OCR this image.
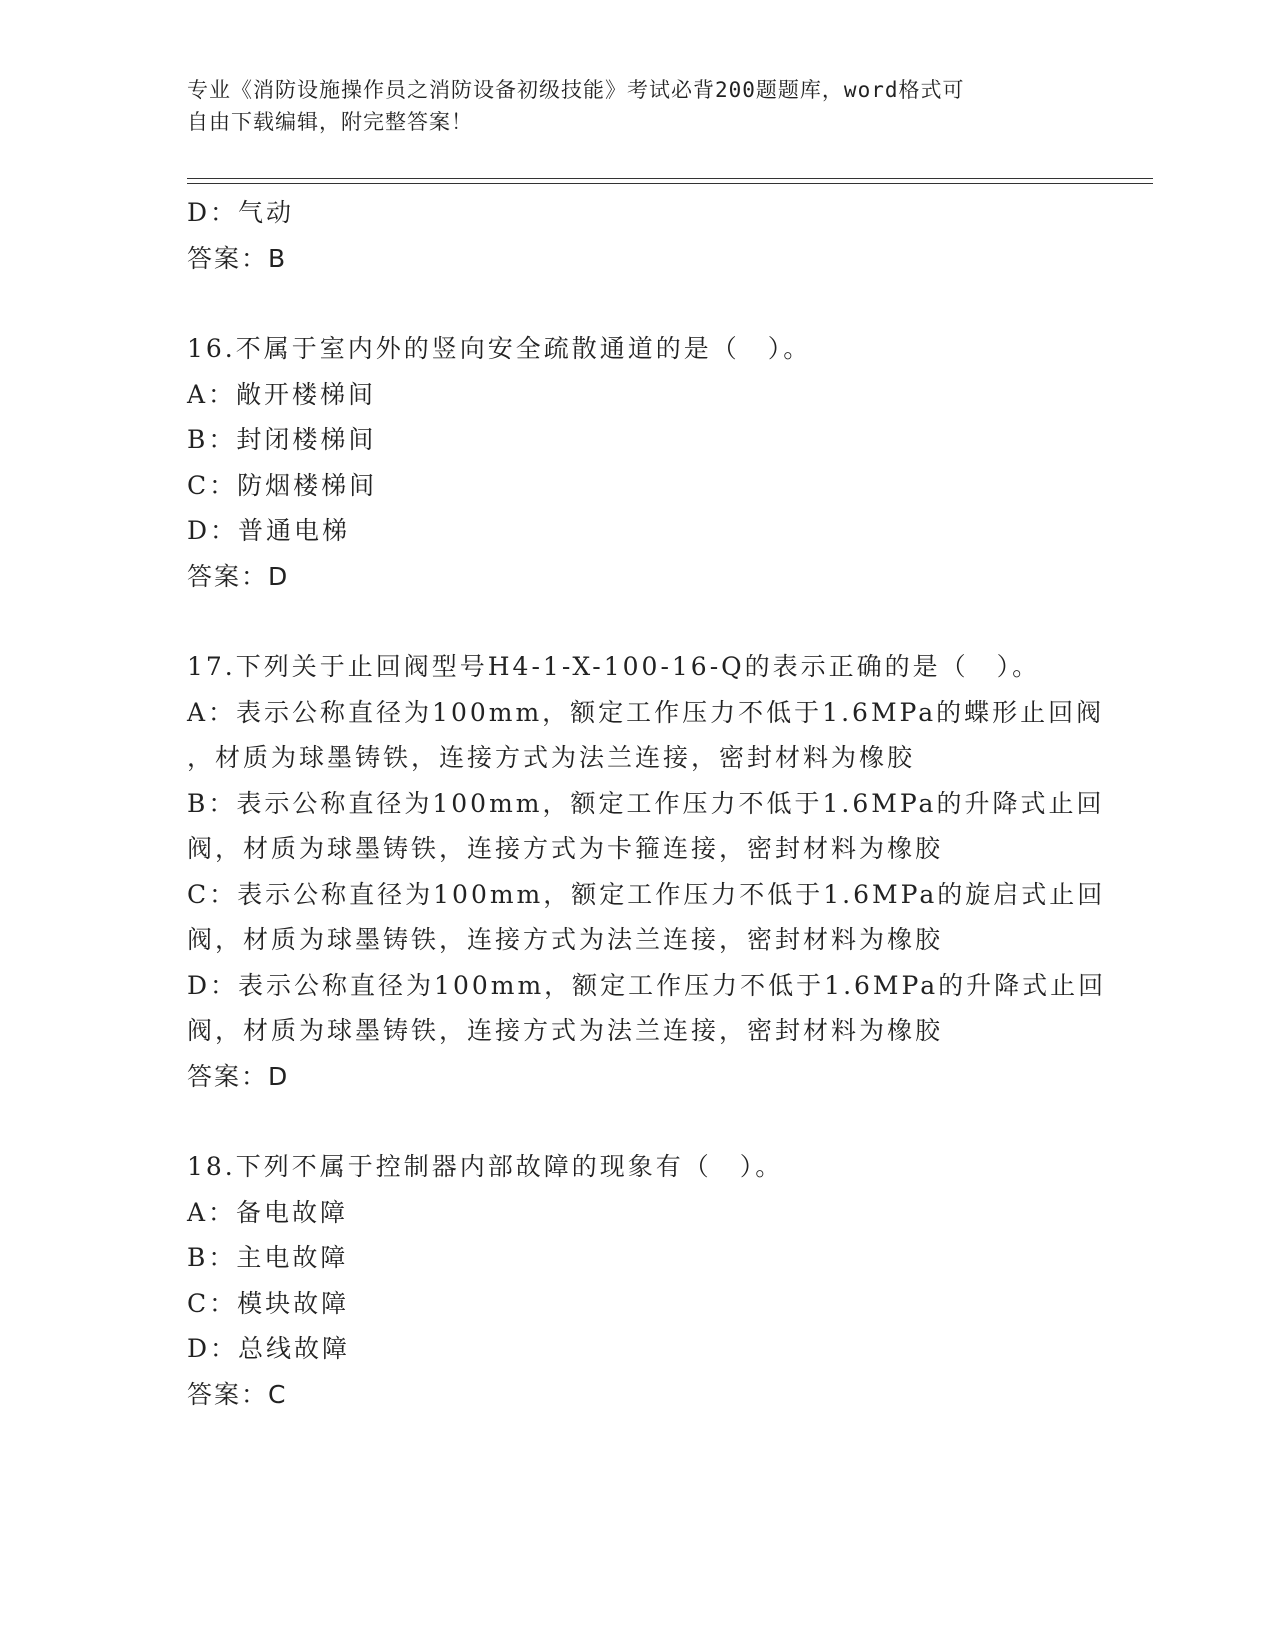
专业《消防设施操作员之消防设备初级技能》考试必背200题题库，word格式可
自由下载编辑，附完整答案！
D：气动
答案：B
16.不属于室内外的竖向安全疏散通道的是（　）。
A：敞开楼梯间
B：封闭楼梯间
C：防烟楼梯间
D：普通电梯
答案：D
17.下列关于止回阀型号H4-1-X-100-16-Q的表示正确的是（　）。
A：表示公称直径为100mm，额定工作压力不低于1.6MPa的蝶形止回阀
，材质为球墨铸铁，连接方式为法兰连接，密封材料为橡胶
B：表示公称直径为100mm，额定工作压力不低于1.6MPa的升降式止回
阀，材质为球墨铸铁，连接方式为卡箍连接，密封材料为橡胶
C：表示公称直径为100mm，额定工作压力不低于1.6MPa的旋启式止回
阀，材质为球墨铸铁，连接方式为法兰连接，密封材料为橡胶
D：表示公称直径为100mm，额定工作压力不低于1.6MPa的升降式止回
阀，材质为球墨铸铁，连接方式为法兰连接，密封材料为橡胶
答案：D
18.下列不属于控制器内部故障的现象有（　）。
A：备电故障
B：主电故障
C：模块故障
D：总线故障
答案：C
